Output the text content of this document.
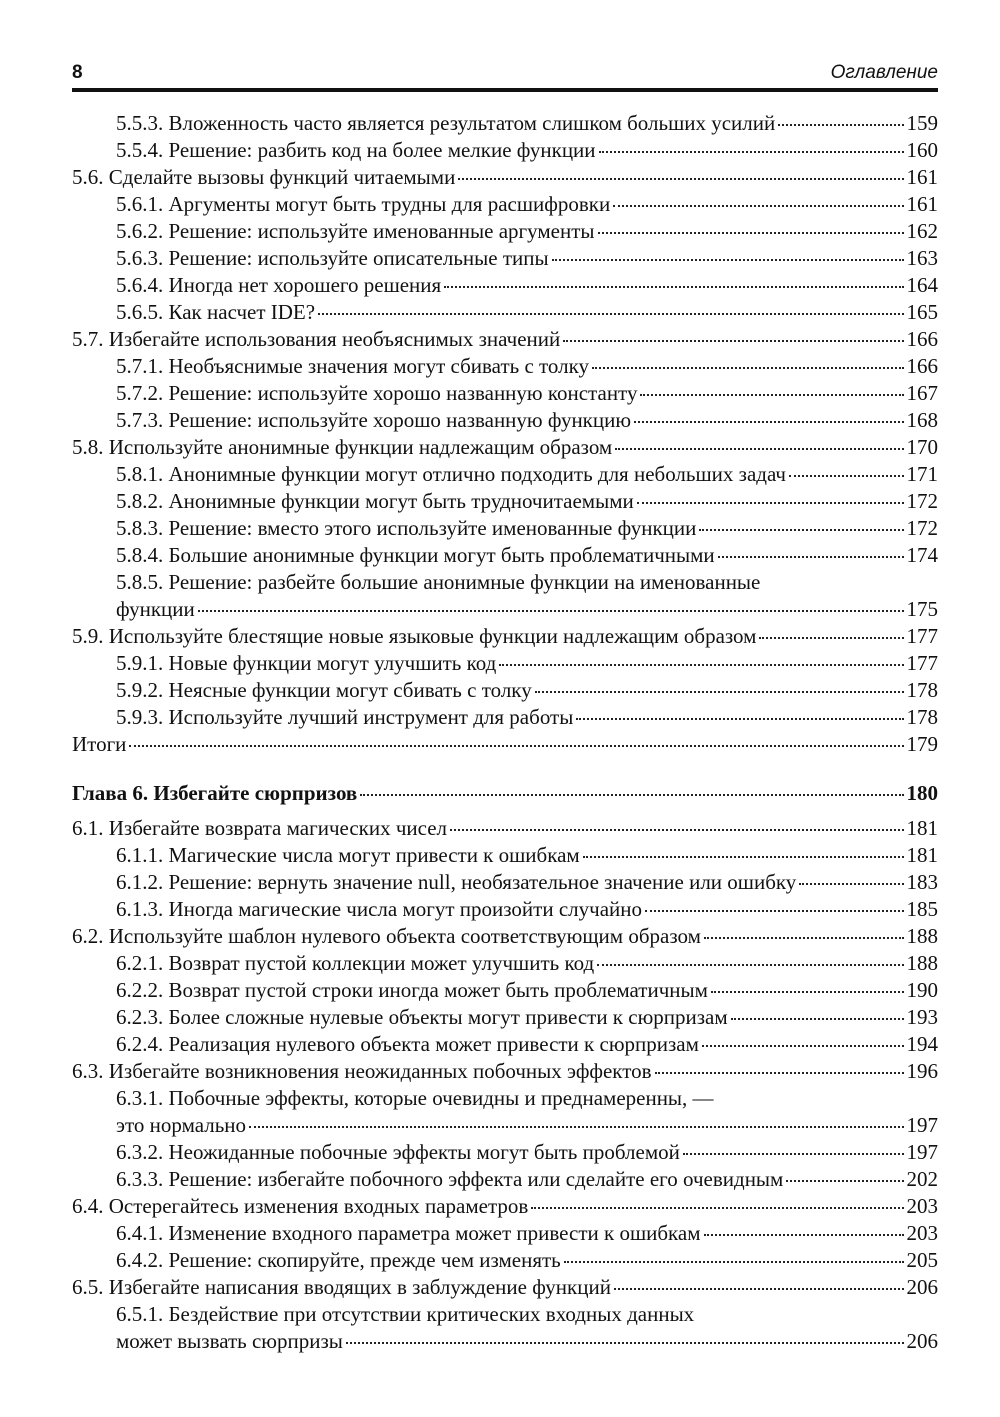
8	Оглавление
5.5.3. Вложенность часто является результатом слишком больших усилий	159
5.5.4. Решение: разбить код на более мелкие функции	160
5.6. Сделайте вызовы функций читаемыми	161
5.6.1. Аргументы могут быть трудны для расшифровки	161
5.6.2. Решение: используйте именованные аргументы	162
5.6.3. Решение: используйте описательные типы	163
5.6.4. Иногда нет хорошего решения	164
5.6.5. Как насчет IDE?	165
5.7. Избегайте использования необъяснимых значений	166
5.7.1. Необъяснимые значения могут сбивать с толку	166
5.7.2. Решение: используйте хорошо названную константу	167
5.7.3. Решение: используйте хорошо названную функцию	168
5.8. Используйте анонимные функции надлежащим образом	170
5.8.1. Анонимные функции могут отлично подходить для небольших задач	171
5.8.2. Анонимные функции могут быть трудночитаемыми	172
5.8.3. Решение: вместо этого используйте именованные функции	172
5.8.4. Большие анонимные функции могут быть проблематичными	174
5.8.5. Решение: разбейте большие анонимные функции на именованные
функции	175
5.9. Используйте блестящие новые языковые функции надлежащим образом	177
5.9.1. Новые функции могут улучшить код	177
5.9.2. Неясные функции могут сбивать с толку	178
5.9.3. Используйте лучший инструмент для работы	178
Итоги	179
Глава 6. Избегайте сюрпризов	180
6.1. Избегайте возврата магических чисел	181
6.1.1. Магические числа могут привести к ошибкам	181
6.1.2. Решение: вернуть значение null, необязательное значение или ошибку	183
6.1.3. Иногда магические числа могут произойти случайно	185
6.2. Используйте шаблон нулевого объекта соответствующим образом	188
6.2.1. Возврат пустой коллекции может улучшить код	188
6.2.2. Возврат пустой строки иногда может быть проблематичным	190
6.2.3. Более сложные нулевые объекты могут привести к сюрпризам	193
6.2.4. Реализация нулевого объекта может привести к сюрпризам	194
6.3. Избегайте возникновения неожиданных побочных эффектов	196
6.3.1. Побочные эффекты, которые очевидны и преднамеренны, —
это нормально	197
6.3.2. Неожиданные побочные эффекты могут быть проблемой	197
6.3.3. Решение: избегайте побочного эффекта или сделайте его очевидным	202
6.4. Остерегайтесь изменения входных параметров	203
6.4.1. Изменение входного параметра может привести к ошибкам	203
6.4.2. Решение: скопируйте, прежде чем изменять	205
6.5. Избегайте написания вводящих в заблуждение функций	206
6.5.1. Бездействие при отсутствии критических входных данных
может вызвать сюрпризы	206
